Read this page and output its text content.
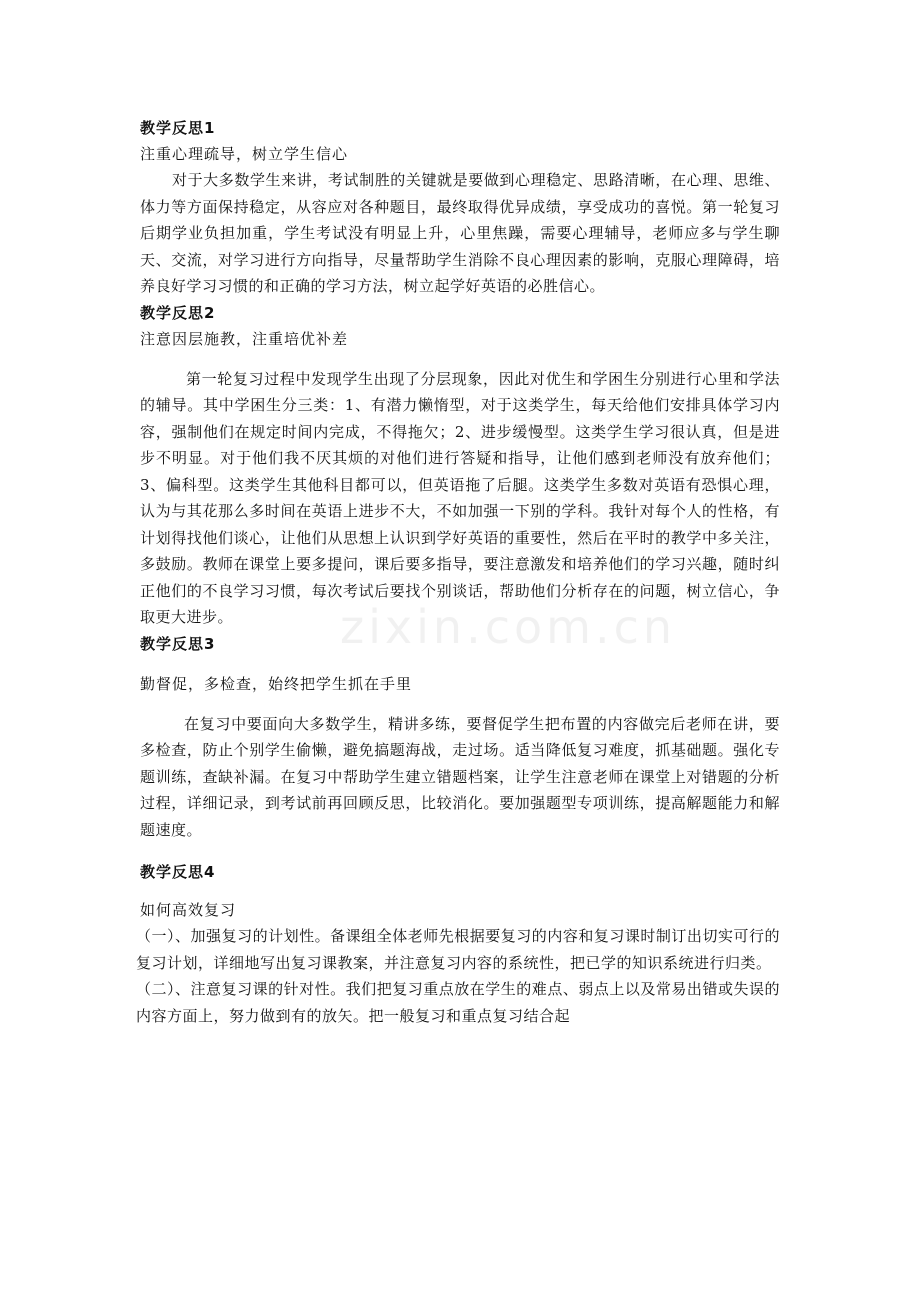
教学反思1

注重心理疏导，树立学生信心

对于大多数学生来讲，考试制胜的关键就是要做到心理稳定、思路清晰，在心理、思维、体力等方面保持稳定，从容应对各种题目，最终取得优异成绩，享受成功的喜悦。第一轮复习后期学业负担加重，学生考试没有明显上升，心里焦躁，需要心理辅导，老师应多与学生聊天、交流，对学习进行方向指导，尽量帮助学生消除不良心理因素的影响，克服心理障碍，培养良好学习习惯的和正确的学习方法，树立起学好英语的必胜信心。

教学反思2

注意因层施教，注重培优补差

第一轮复习过程中发现学生出现了分层现象，因此对优生和学困生分别进行心里和学法的辅导。其中学困生分三类：1、有潜力懒惰型，对于这类学生，每天给他们安排具体学习内容，强制他们在规定时间内完成，不得拖欠；2、进步缓慢型。这类学生学习很认真，但是进步不明显。对于他们我不厌其烦的对他们进行答疑和指导，让他们感到老师没有放弃他们；3、偏科型。这类学生其他科目都可以，但英语拖了后腿。这类学生多数对英语有恐惧心理，认为与其花那么多时间在英语上进步不大，不如加强一下别的学科。我针对每个人的性格，有计划得找他们谈心，让他们从思想上认识到学好英语的重要性，然后在平时的教学中多关注，多鼓励。教师在课堂上要多提问，课后要多指导，要注意激发和培养他们的学习兴趣，随时纠正他们的不良学习习惯，每次考试后要找个别谈话，帮助他们分析存在的问题，树立信心，争取更大进步。

教学反思3

勤督促，多检查，始终把学生抓在手里

在复习中要面向大多数学生，精讲多练，要督促学生把布置的内容做完后老师在讲，要多检查，防止个别学生偷懒，避免搞题海战，走过场。适当降低复习难度，抓基础题。强化专题训练，查缺补漏。在复习中帮助学生建立错题档案，让学生注意老师在课堂上对错题的分析过程，详细记录，到考试前再回顾反思，比较消化。要加强题型专项训练，提高解题能力和解题速度。

教学反思4

如何高效复习

（一）、加强复习的计划性。备课组全体老师先根据要复习的内容和复习课时制订出切实可行的复习计划，详细地写出复习课教案，并注意复习内容的系统性，把已学的知识系统进行归类。

（二）、注意复习课的针对性。我们把复习重点放在学生的难点、弱点上以及常易出错或失误的内容方面上，努力做到有的放矢。把一般复习和重点复习结合起

zixin.com.cn
